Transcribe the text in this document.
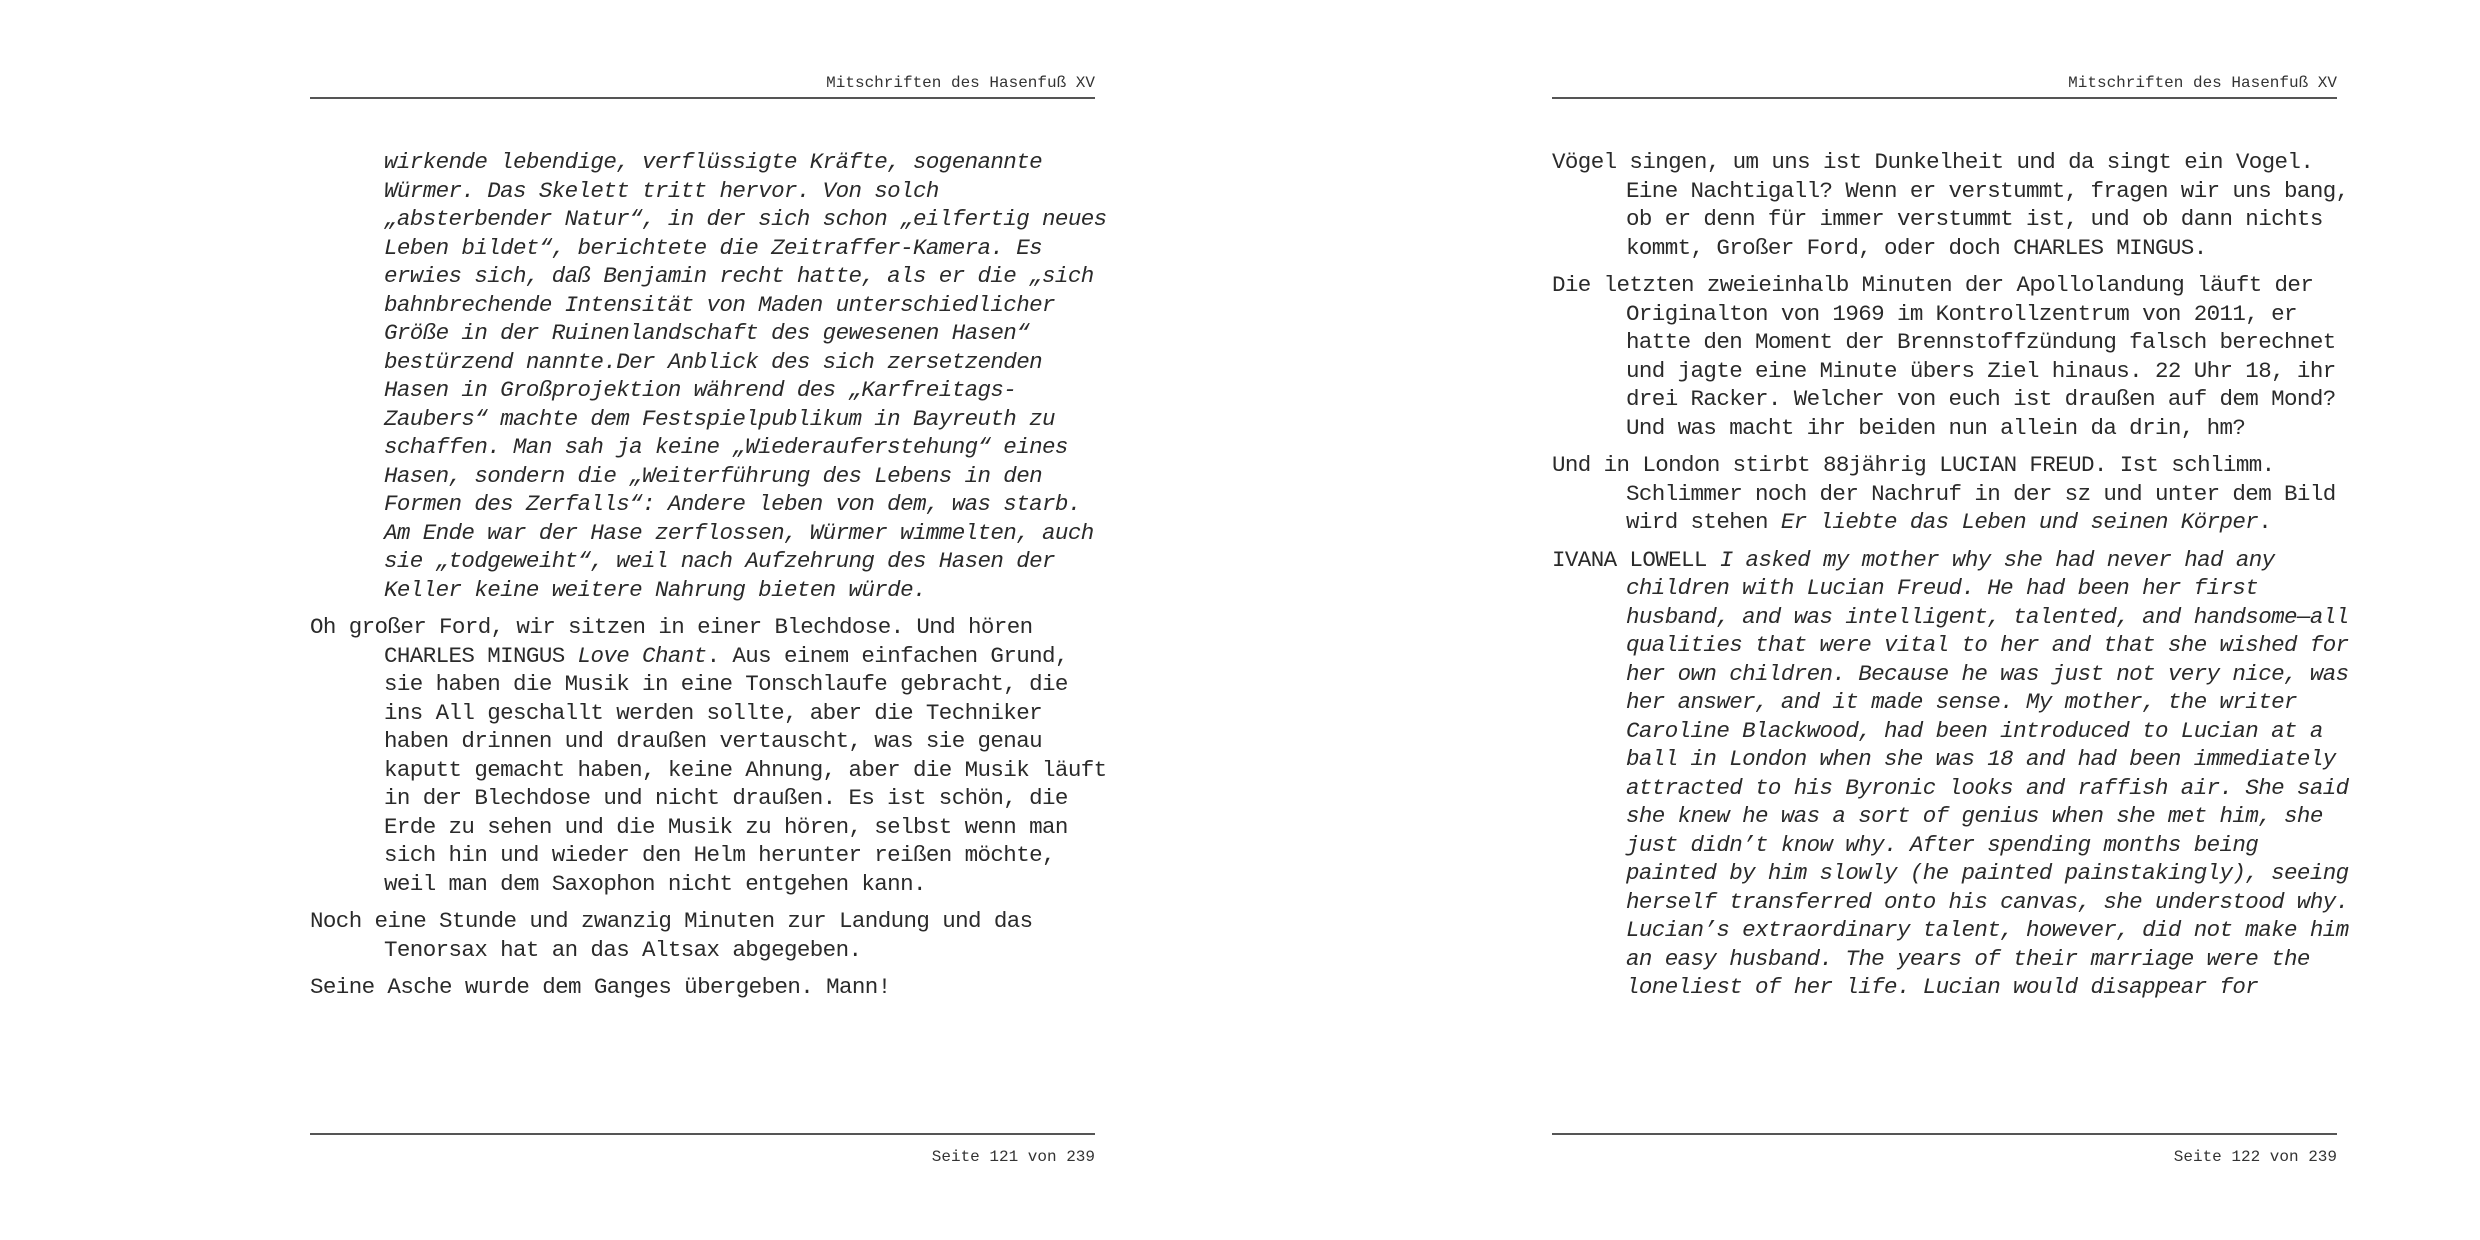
Mitschriften des Hasenfuß XV

wirkende lebendige, verflüssigte Kräfte, sogenannte Würmer. Das Skelett tritt hervor. Von solch „absterbender Natur“, in der sich schon „eilfertig neues Leben bildet“, berichtete die Zeitraffer-Kamera. Es erwies sich, daß Benjamin recht hatte, als er die „sich bahnbrechende Intensität von Maden unterschiedlicher Größe in der Ruinenlandschaft des gewesenen Hasen“ bestürzend nannte.Der Anblick des sich zersetzenden Hasen in Großprojektion während des „Karfreitags-Zaubers“ machte dem Festspielpublikum in Bayreuth zu schaffen. Man sah ja keine „Wiederauferstehung“ eines Hasen, sondern die „Weiterführung des Lebens in den Formen des Zerfalls“: Andere leben von dem, was starb. Am Ende war der Hase zerflossen, Würmer wimmelten, auch sie „todgeweiht“, weil nach Aufzehrung des Hasen der Keller keine weitere Nahrung bieten würde.

Oh großer Ford, wir sitzen in einer Blechdose. Und hören CHARLES MINGUS Love Chant. Aus einem einfachen Grund, sie haben die Musik in eine Tonschlaufe gebracht, die ins All geschallt werden sollte, aber die Techniker haben drinnen und draußen vertauscht, was sie genau kaputt gemacht haben, keine Ahnung, aber die Musik läuft in der Blechdose und nicht draußen. Es ist schön, die Erde zu sehen und die Musik zu hören, selbst wenn man sich hin und wieder den Helm herunter reißen möchte, weil man dem Saxophon nicht entgehen kann.

Noch eine Stunde und zwanzig Minuten zur Landung und das Tenorsax hat an das Altsax abgegeben.

Seine Asche wurde dem Ganges übergeben. Mann!

Seite 121 von 239
Mitschriften des Hasenfuß XV

Vögel singen, um uns ist Dunkelheit und da singt ein Vogel. Eine Nachtigall? Wenn er verstummt, fragen wir uns bang, ob er denn für immer verstummt ist, und ob dann nichts kommt, Großer Ford, oder doch CHARLES MINGUS.

Die letzten zweieinhalb Minuten der Apollolandung läuft der Originalton von 1969 im Kontrollzentrum von 2011, er hatte den Moment der Brennstoffzündung falsch berechnet und jagte eine Minute übers Ziel hinaus. 22 Uhr 18, ihr drei Racker. Welcher von euch ist draußen auf dem Mond? Und was macht ihr beiden nun allein da drin, hm?

Und in London stirbt 88jährig LUCIAN FREUD. Ist schlimm. Schlimmer noch der Nachruf in der sz und unter dem Bild wird stehen Er liebte das Leben und seinen Körper.

IVANA LOWELL I asked my mother why she had never had any children with Lucian Freud. He had been her first husband, and was intelligent, talented, and handsome—all qualities that were vital to her and that she wished for her own children. Because he was just not very nice, was her answer, and it made sense. My mother, the writer Caroline Blackwood, had been introduced to Lucian at a ball in London when she was 18 and had been immediately attracted to his Byronic looks and raffish air. She said she knew he was a sort of genius when she met him, she just didn’t know why. After spending months being painted by him slowly (he painted painstakingly), seeing herself transferred onto his canvas, she understood why. Lucian’s extraordinary talent, however, did not make him an easy husband. The years of their marriage were the loneliest of her life. Lucian would disappear for

Seite 122 von 239
